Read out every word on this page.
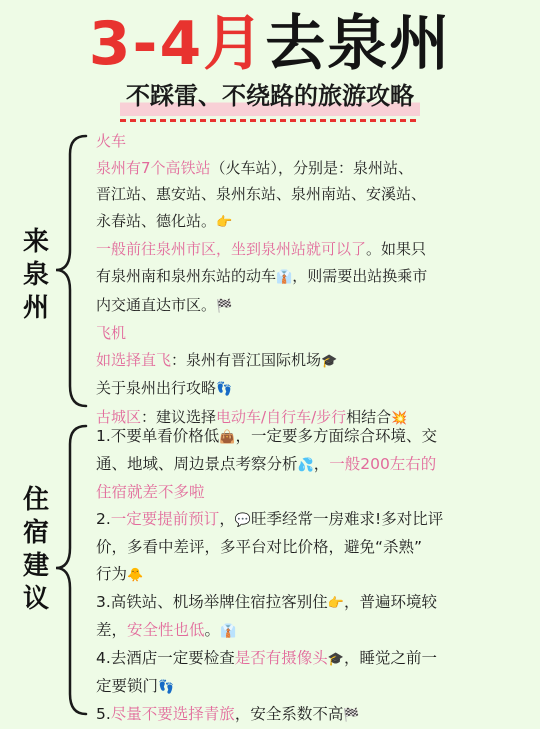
3-4月去泉州
不踩雷、不绕路的旅游攻略
来泉州
火车
泉州有7个高铁站（火车站），分别是：泉州站、
晋江站、惠安站、泉州东站、泉州南站、安溪站、
永春站、德化站。👉
一般前往泉州市区，坐到泉州站就可以了。如果只
有泉州南和泉州东站的动车👔，则需要出站换乘市
内交通直达市区。🏁
飞机
如选择直飞：泉州有晋江国际机场🎓
关于泉州出行攻略👣
古城区：建议选择电动车/自行车/步行相结合💥
住宿建议
1.不要单看价格低👜，一定要多方面综合环境、交
通、地域、周边景点考察分析💦，一般200左右的
住宿就差不多啦
2.一定要提前预订，💬旺季经常一房难求!多对比评
价，多看中差评，多平台对比价格，避免“杀熟”
行为🐥
3.高铁站、机场举牌住宿拉客别住👉，普遍环境较
差，安全性也低。👔
4.去酒店一定要检查是否有摄像头🎓，睡觉之前一
定要锁门👣
5.尽量不要选择青旅，安全系数不高🏁
